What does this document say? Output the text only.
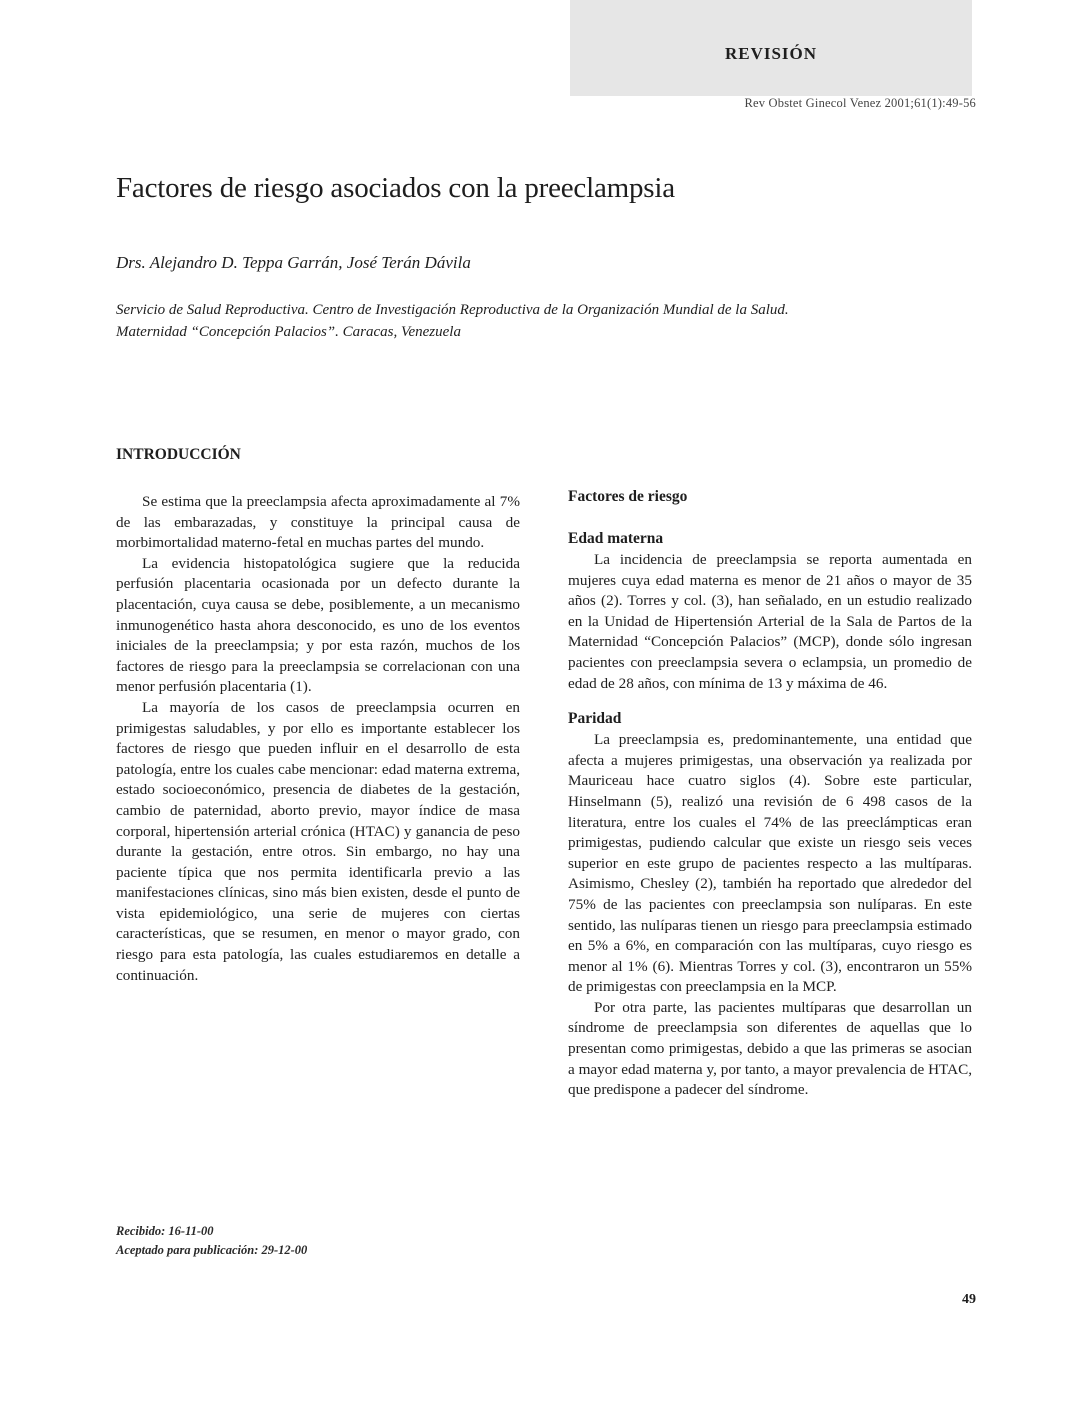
REVISIÓN
Rev Obstet Ginecol Venez 2001;61(1):49-56
Factores de riesgo asociados con la preeclampsia
Drs. Alejandro D. Teppa Garrán, José Terán Dávila
Servicio de Salud Reproductiva. Centro de Investigación Reproductiva de la Organización Mundial de la Salud.
Maternidad “Concepción Palacios”. Caracas, Venezuela
INTRODUCCIÓN

Se estima que la preeclampsia afecta aproximadamente al 7% de las embarazadas, y constituye la principal causa de morbimortalidad materno-fetal en muchas partes del mundo.

La evidencia histopatológica sugiere que la reducida perfusión placentaria ocasionada por un defecto durante la placentación, cuya causa se debe, posiblemente, a un mecanismo inmunogenético hasta ahora desconocido, es uno de los eventos iniciales de la preeclampsia; y por esta razón, muchos de los factores de riesgo para la preeclampsia se correlacionan con una menor perfusión placentaria (1).

La mayoría de los casos de preeclampsia ocurren en primigestas saludables, y por ello es importante establecer los factores de riesgo que pueden influir en el desarrollo de esta patología, entre los cuales cabe mencionar: edad materna extrema, estado socioeconómico, presencia de diabetes de la gestación, cambio de paternidad, aborto previo, mayor índice de masa corporal, hipertensión arterial crónica (HTAC) y ganancia de peso durante la gestación, entre otros. Sin embargo, no hay una paciente típica que nos permita identificarla previo a las manifestaciones clínicas, sino más bien existen, desde el punto de vista epidemiológico, una serie de mujeres con ciertas características, que se resumen, en menor o mayor grado, con riesgo para esta patología, las cuales estudiaremos en detalle a continuación.

Factores de riesgo
Edad materna

La incidencia de preeclampsia se reporta aumentada en mujeres cuya edad materna es menor de 21 años o mayor de 35 años (2). Torres y col. (3), han señalado, en un estudio realizado en la Unidad de Hipertensión Arterial de la Sala de Partos de la Maternidad “Concepción Palacios” (MCP), donde sólo ingresan pacientes con preeclampsia severa o eclampsia, un promedio de edad de 28 años, con mínima de 13 y máxima de 46.

Paridad

La preeclampsia es, predominantemente, una entidad que afecta a mujeres primigestas, una observación ya realizada por Mauriceau hace cuatro siglos (4). Sobre este particular, Hinselmann (5), realizó una revisión de 6 498 casos de la literatura, entre los cuales el 74% de las preeclámpticas eran primigestas, pudiendo calcular que existe un riesgo seis veces superior en este grupo de pacientes respecto a las multíparas. Asimismo, Chesley (2), también ha reportado que alrededor del 75% de las pacientes con preeclampsia son nulíparas. En este sentido, las nulíparas tienen un riesgo para preeclampsia estimado en 5% a 6%, en comparación con las multíparas, cuyo riesgo es menor al 1% (6). Mientras Torres y col. (3), encontraron un 55% de primigestas con preeclampsia en la MCP.

Por otra parte, las pacientes multíparas que desarrollan un síndrome de preeclampsia son diferentes de aquellas que lo presentan como primigestas, debido a que las primeras se asocian a mayor edad materna y, por tanto, a mayor prevalencia de HTAC, que predispone a padecer del síndrome.

Recibido: 16-11-00
Aceptado para publicación: 29-12-00
49
